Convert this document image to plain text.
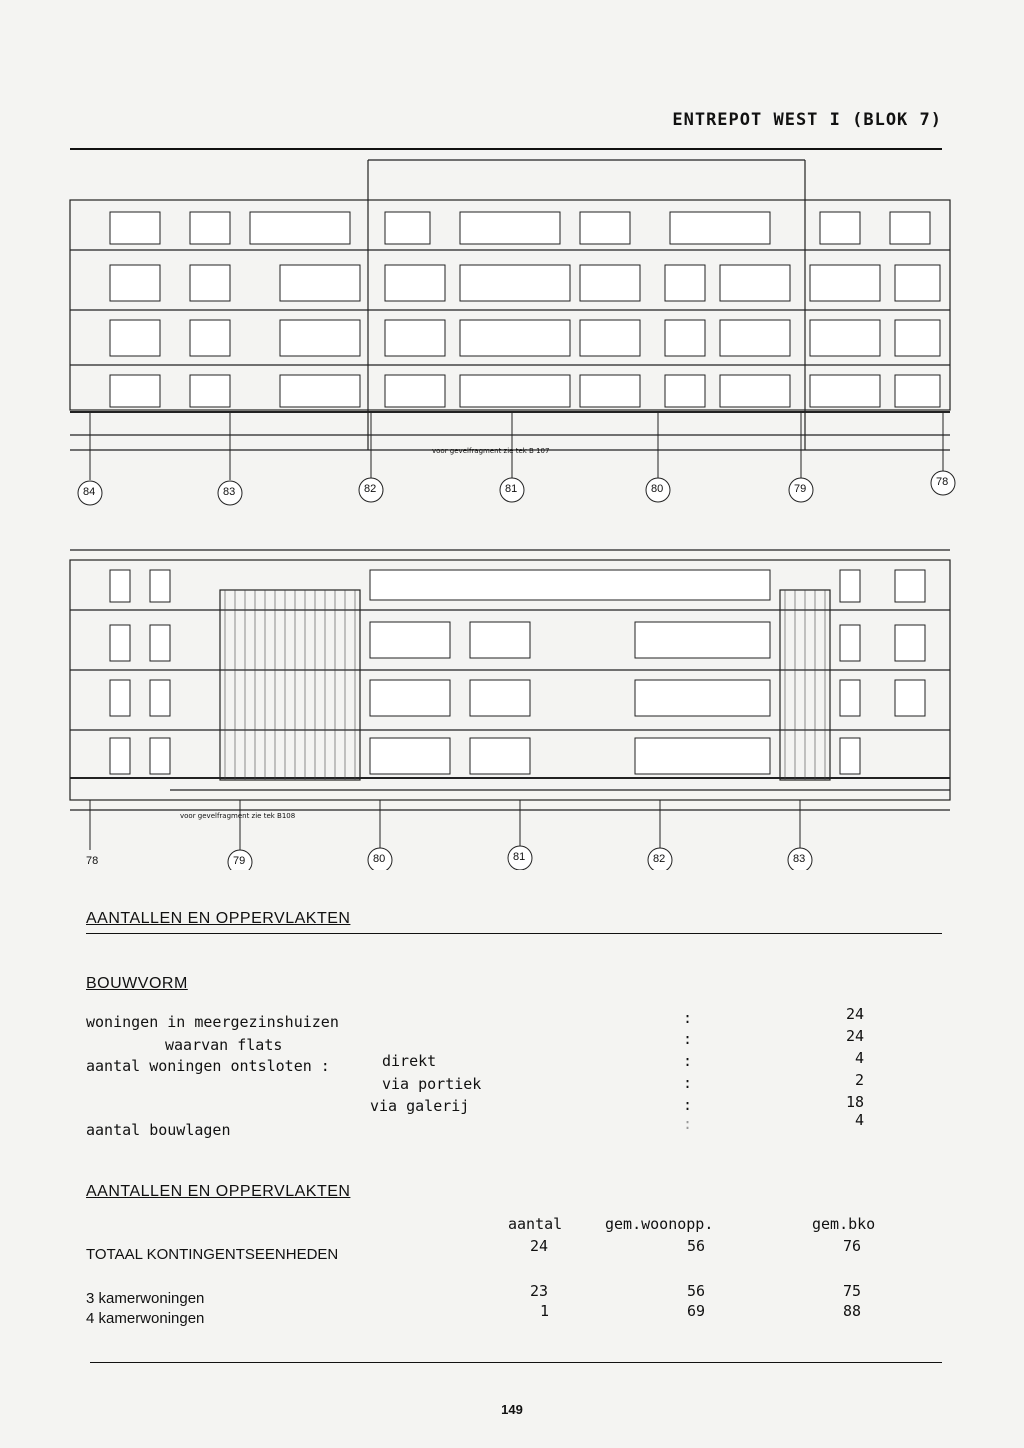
ENTREPOT WEST I (BLOK 7)
voor gevelfragment zie tek B 107
voor gevelfragment zie tek B108
84	83	82	81	80	79
78
78	79	80	81	82	83
AANTALLEN EN OPPERVLAKTEN
BOUWVORM
woningen in meergezinshuizen	:	24
waarvan flats	:	24
aantal woningen ontsloten :	direkt	:	4
via portiek	:	2
via galerij	:	18
aantal bouwlagen	:	4
AANTALLEN EN OPPERVLAKTEN
aantal	gem.woonopp.	gem.bko
TOTAAL KONTINGENTSEENHEDEN	24	56	76
3 kamerwoningen	23	56	75
4 kamerwoningen	1	69	88
149
